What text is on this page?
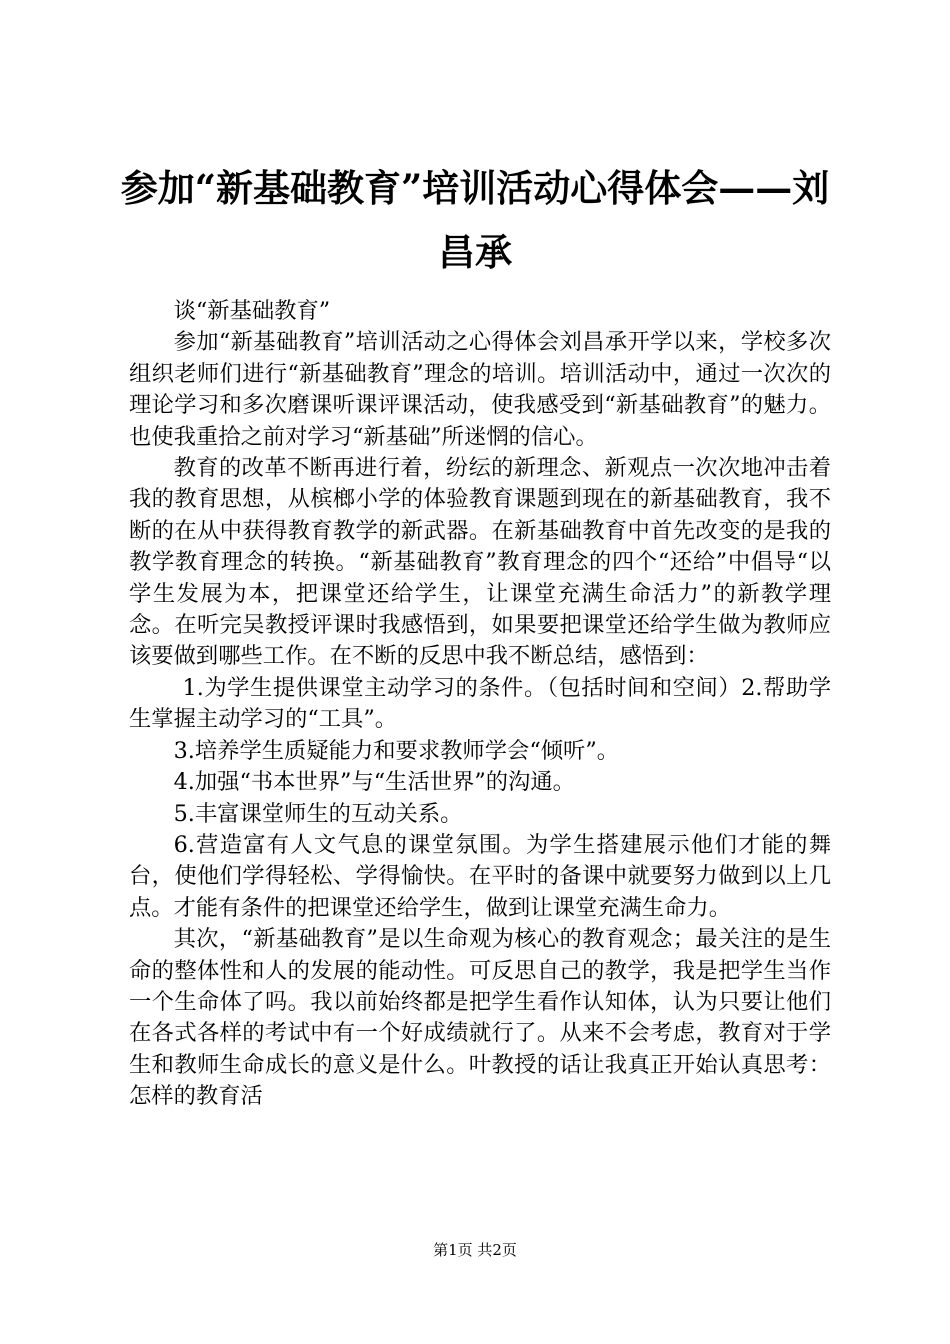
参加“新基础教育”培训活动心得体会——刘
昌承

谈“新基础教育”

参加“新基础教育”培训活动之心得体会刘昌承开学以来，学校多次组织老师们进行“新基础教育”理念的培训。培训活动中，通过一次次的理论学习和多次磨课听课评课活动，使我感受到“新基础教育”的魅力。也使我重拾之前对学习“新基础”所迷惘的信心。

教育的改革不断再进行着，纷纭的新理念、新观点一次次地冲击着我的教育思想，从槟榔小学的体验教育课题到现在的新基础教育，我不断的在从中获得教育教学的新武器。在新基础教育中首先改变的是我的教学教育理念的转换。“新基础教育”教育理念的四个“还给”中倡导“以学生发展为本，把课堂还给学生，让课堂充满生命活力”的新教学理念。在听完吴教授评课时我感悟到，如果要把课堂还给学生做为教师应该要做到哪些工作。在不断的反思中我不断总结，感悟到：

1.为学生提供课堂主动学习的条件。（包括时间和空间）2.帮助学生掌握主动学习的“工具”。

3.培养学生质疑能力和要求教师学会“倾听”。

4.加强“书本世界”与“生活世界”的沟通。

5.丰富课堂师生的互动关系。

6.营造富有人文气息的课堂氛围。为学生搭建展示他们才能的舞台，使他们学得轻松、学得愉快。在平时的备课中就要努力做到以上几点。才能有条件的把课堂还给学生，做到让课堂充满生命力。

其次，“新基础教育”是以生命观为核心的教育观念；最关注的是生命的整体性和人的发展的能动性。可反思自己的教学，我是把学生当作一个生命体了吗。我以前始终都是把学生看作认知体，认为只要让他们在各式各样的考试中有一个好成绩就行了。从来不会考虑，教育对于学生和教师生命成长的意义是什么。叶教授的话让我真正开始认真思考：怎样的教育活

第1页 共2页
